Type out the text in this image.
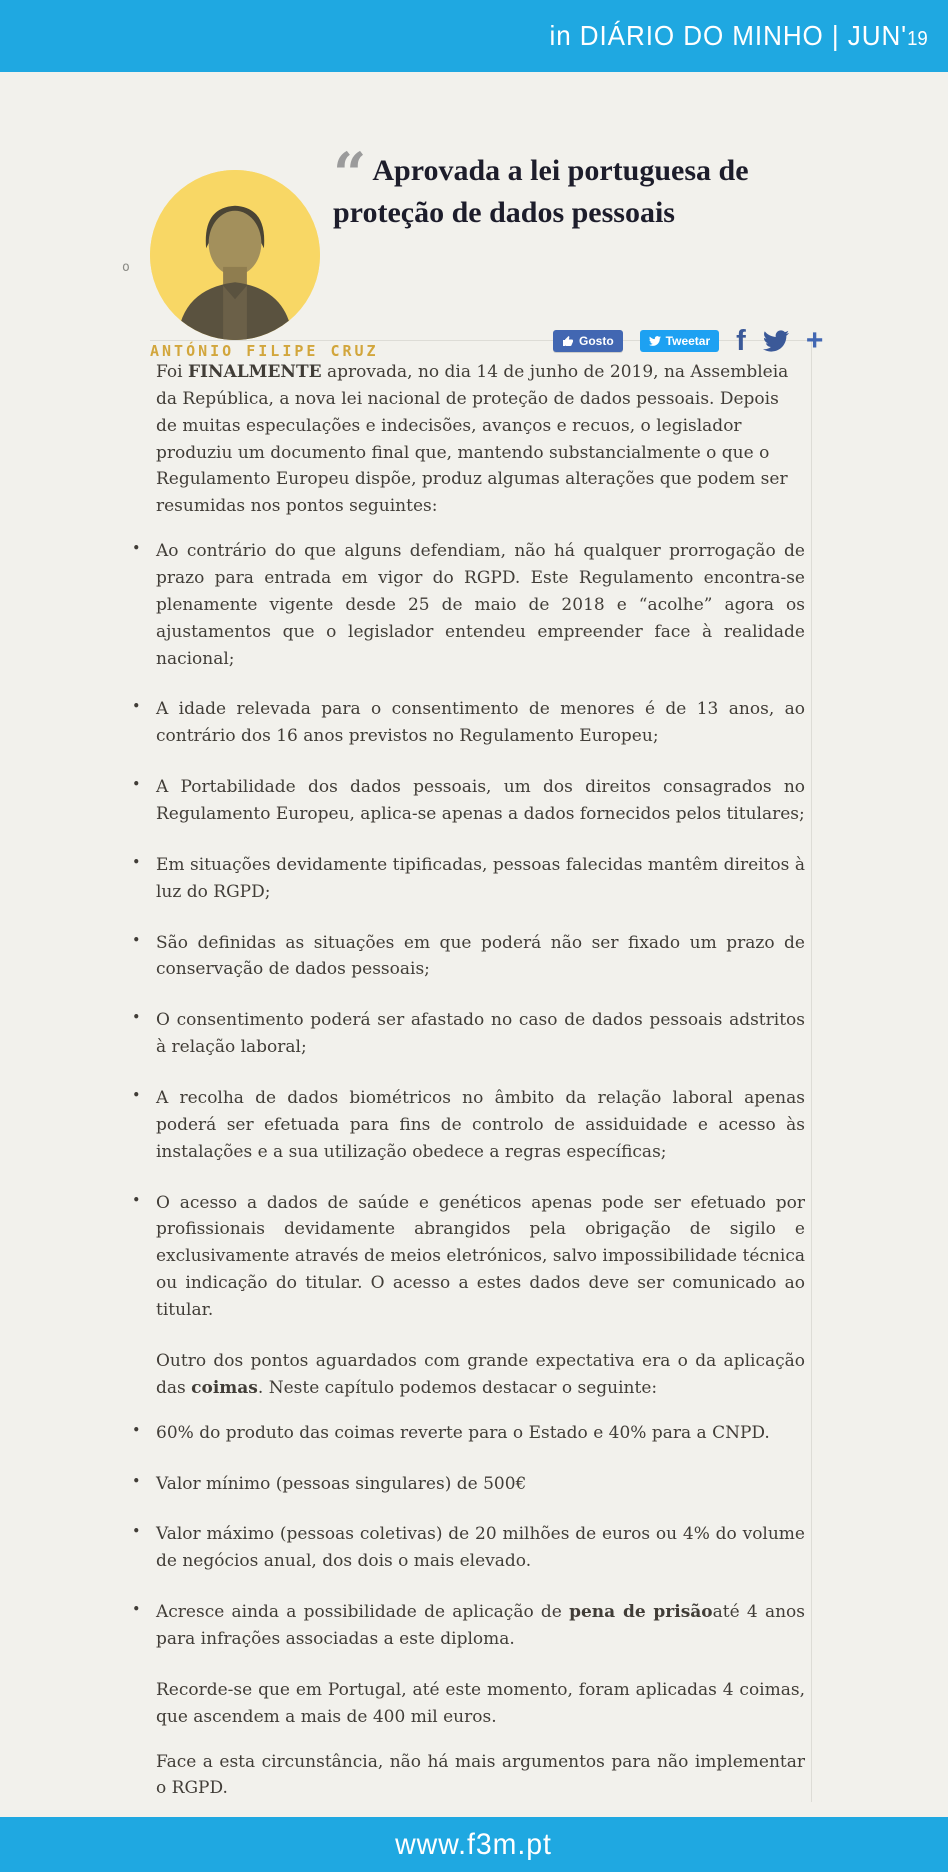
in DIÁRIO DO MINHO | JUN'19
o
“ Aprovada a lei portuguesa de
proteção de dados pessoais
ANTÓNIO FILIPE CRUZ
Gosto	Tweetar f +

Foi FINALMENTE aprovada, no dia 14 de junho de 2019, na Assembleia da República, a nova lei nacional de proteção de dados pessoais. Depois de muitas especulações e indecisões, avanços e recuos, o legislador produziu um documento final que, mantendo substancialmente o que o Regulamento Europeu dispõe, produz algumas alterações que podem ser resumidas nos pontos seguintes:

• Ao contrário do que alguns defendiam, não há qualquer prorrogação de prazo para entrada em vigor do RGPD. Este Regulamento encontra-se plenamente vigente desde 25 de maio de 2018 e “acolhe” agora os ajustamentos que o legislador entendeu empreender face à realidade nacional;
• A idade relevada para o consentimento de menores é de 13 anos, ao contrário dos 16 anos previstos no Regulamento Europeu;
• A Portabilidade dos dados pessoais, um dos direitos consagrados no Regulamento Europeu, aplica-se apenas a dados fornecidos pelos titulares;
• Em situações devidamente tipificadas, pessoas falecidas mantêm direitos à luz do RGPD;
• São definidas as situações em que poderá não ser fixado um prazo de conservação de dados pessoais;
• O consentimento poderá ser afastado no caso de dados pessoais adstritos à relação laboral;
• A recolha de dados biométricos no âmbito da relação laboral apenas poderá ser efetuada para fins de controlo de assiduidade e acesso às instalações e a sua utilização obedece a regras específicas;
• O acesso a dados de saúde e genéticos apenas pode ser efetuado por profissionais devidamente abrangidos pela obrigação de sigilo e exclusivamente através de meios eletrónicos, salvo impossibilidade técnica ou indicação do titular. O acesso a estes dados deve ser comunicado ao titular.

Outro dos pontos aguardados com grande expectativa era o da aplicação das coimas. Neste capítulo podemos destacar o seguinte:

• 60% do produto das coimas reverte para o Estado e 40% para a CNPD.
• Valor mínimo (pessoas singulares) de 500€
• Valor máximo (pessoas coletivas) de 20 milhões de euros ou 4% do volume de negócios anual, dos dois o mais elevado.
• Acresce ainda a possibilidade de aplicação de pena de prisãoaté 4 anos para infrações associadas a este diploma.

Recorde-se que em Portugal, até este momento, foram aplicadas 4 coimas, que ascendem a mais de 400 mil euros.

Face a esta circunstância, não há mais argumentos para não implementar o RGPD.

www.f3m.pt
